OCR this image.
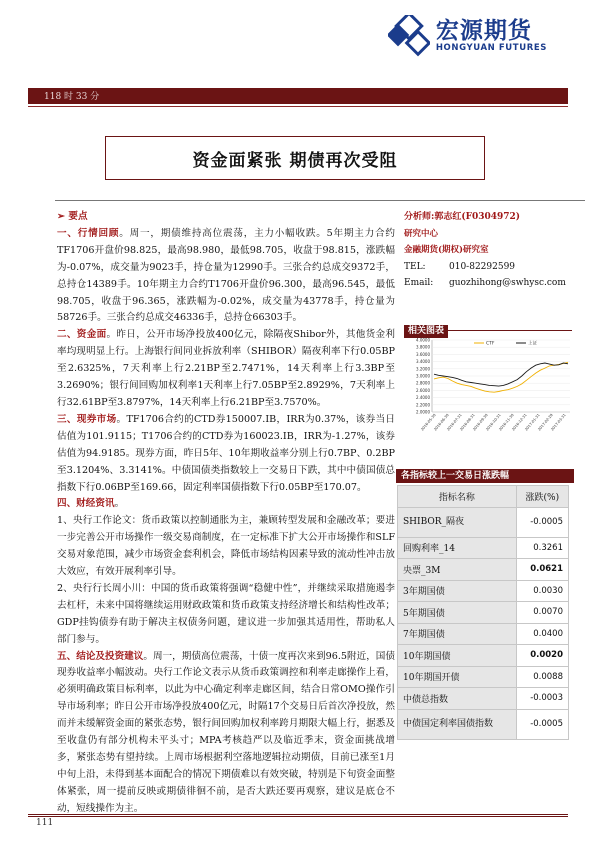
宏源期货
HONGYUAN FUTURES
118 时 33 分
资金面紧张 期债再次受阻

➢ 要点

一、行情回顾。周一，期债维持高位震荡，主力小幅收跌。5年期主力合约TF1706开盘价98.825，最高98.980，最低98.705，收盘于98.815，涨跌幅为-0.07%，成交量为9023手，持仓量为12990手。三张合约总成交9372手，总持仓14389手。10年期主力合约T1706开盘价96.300，最高96.545，最低98.705，收盘于96.365，涨跌幅为-0.02%，成交量为43778手，持仓量为58726手。三张合约总成交46336手，总持仓66303手。

二、资金面。昨日，公开市场净投放400亿元，除隔夜Shibor外，其他货金利率均现明显上行。上海银行间同业拆放利率（SHIBOR）隔夜利率下行0.05BP至2.6325%，7天利率上行2.21BP至2.7471%，14天利率上行3.3BP至3.2690%；银行间回购加权利率1天利率上行7.05BP至2.8929%，7天利率上行32.61BP至3.8797%，14天利率上行6.21BP至3.7570%。

三、现券市场。TF1706合约的CTD券150007.IB，IRR为0.37%，该券当日估值为101.9115；T1706合约的CTD券为160023.IB，IRR为-1.27%，该券估值为94.9185。现券方面，昨日5年、10年期收益率分别上行0.7BP、0.2BP至3.1204%、3.3141%。中债国债类指数较上一交易日下跌，其中中债国债总指数下行0.06BP至169.66，固定利率国债指数下行0.05BP至170.07。

四、财经资讯。

1、央行工作论文：货币政策以控制通胀为主，兼顾转型发展和金融改革；要进一步完善公开市场操作一级交易商制度，在一定标准下扩大公开市场操作和SLF交易对象范围，减少市场资金套利机会，降低市场结构因素导致的流动性冲击放大效应，有效开展利率引导。

2、央行行长周小川：中国的货币政策将强调“稳健中性”，并继续采取措施遏李去杠杆，未来中国将继续运用财政政策和货币政策支持经济增长和结构性改革；GDP挂钩债券有助于解决主权债务问题，建议进一步加强其适用性，帮助私人部门参与。

五、结论及投资建议。周一，期债高位震荡，十债一度再次来到96.5附近，国债现券收益率小幅波动。央行工作论文表示从货币政策调控和利率走廊操作上看，必须明确政策目标利率，以此为中心确定利率走廊区间，结合日常OMO操作引导市场利率；昨日公开市场净投放400亿元，时隔17个交易日后首次净投放，然而并未缓解资金面的紧张态势，银行间回购加权利率跨月期限大幅上行，据悉及至收盘仍有部分机构未平头寸；MPA考核趋严以及临近季末，资金面挑战增多，紧张态势有望持续。上周市场根据利空落地逻辑拉动期债，目前已涨至1月中旬上沿，未得到基本面配合的情况下期债难以有效突破，特别是下旬资金面整体紧张，周一提前反映或期债徘徊不前，是否大跌还要再观察，建议是底仓不动，短线操作为主。

分析师:郭志红(F0304972)
研究中心
金融期货(期权)研究室
TEL:	010-82292599
Email:	guozhihong@swhysc.com
相关图表
4.0000
3.8000
3.6000
3.4000
3.2000
3.0000
2.8000
2.6000
2.4000
2.2000
2.0000
2016-05-30
2016-06-30
2016-07-31
2016-08-31
2016-09-30
2016-10-31
2016-11-30
2016-12-31
2017-01-31
2017-02-28
2017-03-31
CTF	上证
各指标较上一交易日涨跌幅
指标名称	涨跌(%)
SHIBOR_隔夜	-0.0005
回购利率_14	0.3261
央票_3M	0.0621
3年期国债	0.0030
5年期国债	0.0070
7年期国债	0.0400
10年期国债	0.0020
10年期国开债	0.0088
中债总指数	-0.0003
中债国定利率国债指数	-0.0005
111
